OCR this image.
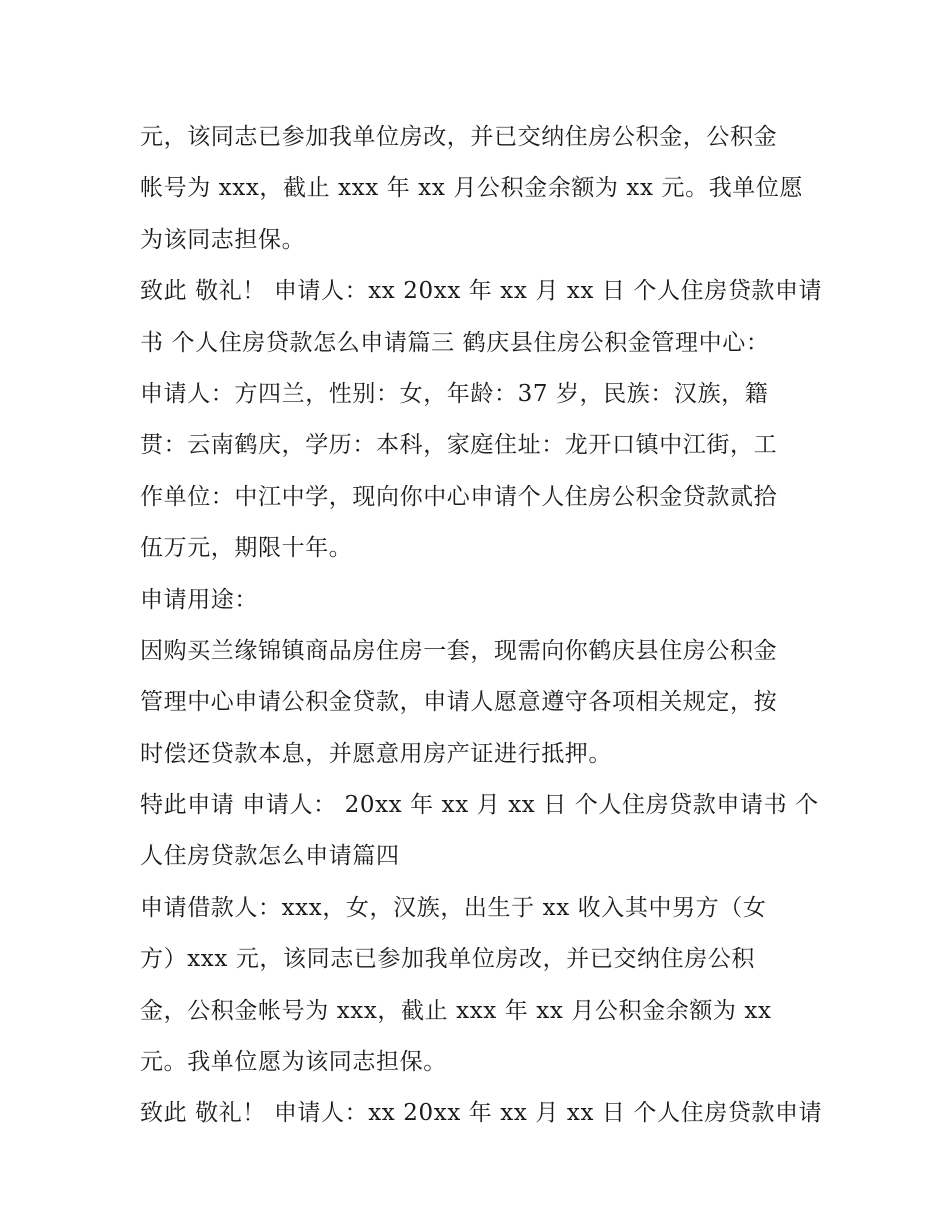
元，该同志已参加我单位房改，并已交纳住房公积金，公积金
帐号为 xxx，截止 xxx 年 xx 月公积金余额为 xx 元。我单位愿
为该同志担保。
致此 敬礼！ 申请人：xx 20xx 年 xx 月 xx 日 个人住房贷款申请
书 个人住房贷款怎么申请篇三 鹤庆县住房公积金管理中心：
申请人：方四兰，性别：女，年龄：37 岁，民族：汉族，籍
贯：云南鹤庆，学历：本科，家庭住址：龙开口镇中江街，工
作单位：中江中学，现向你中心申请个人住房公积金贷款贰拾
伍万元，期限十年。
申请用途：
因购买兰缘锦镇商品房住房一套，现需向你鹤庆县住房公积金
管理中心申请公积金贷款，申请人愿意遵守各项相关规定，按
时偿还贷款本息，并愿意用房产证进行抵押。
特此申请 申请人： 20xx 年 xx 月 xx 日 个人住房贷款申请书 个
人住房贷款怎么申请篇四
申请借款人：xxx，女，汉族，出生于 xx 收入其中男方（女
方）xxx 元，该同志已参加我单位房改，并已交纳住房公积
金，公积金帐号为 xxx，截止 xxx 年 xx 月公积金余额为 xx
元。我单位愿为该同志担保。
致此 敬礼！ 申请人：xx 20xx 年 xx 月 xx 日 个人住房贷款申请
